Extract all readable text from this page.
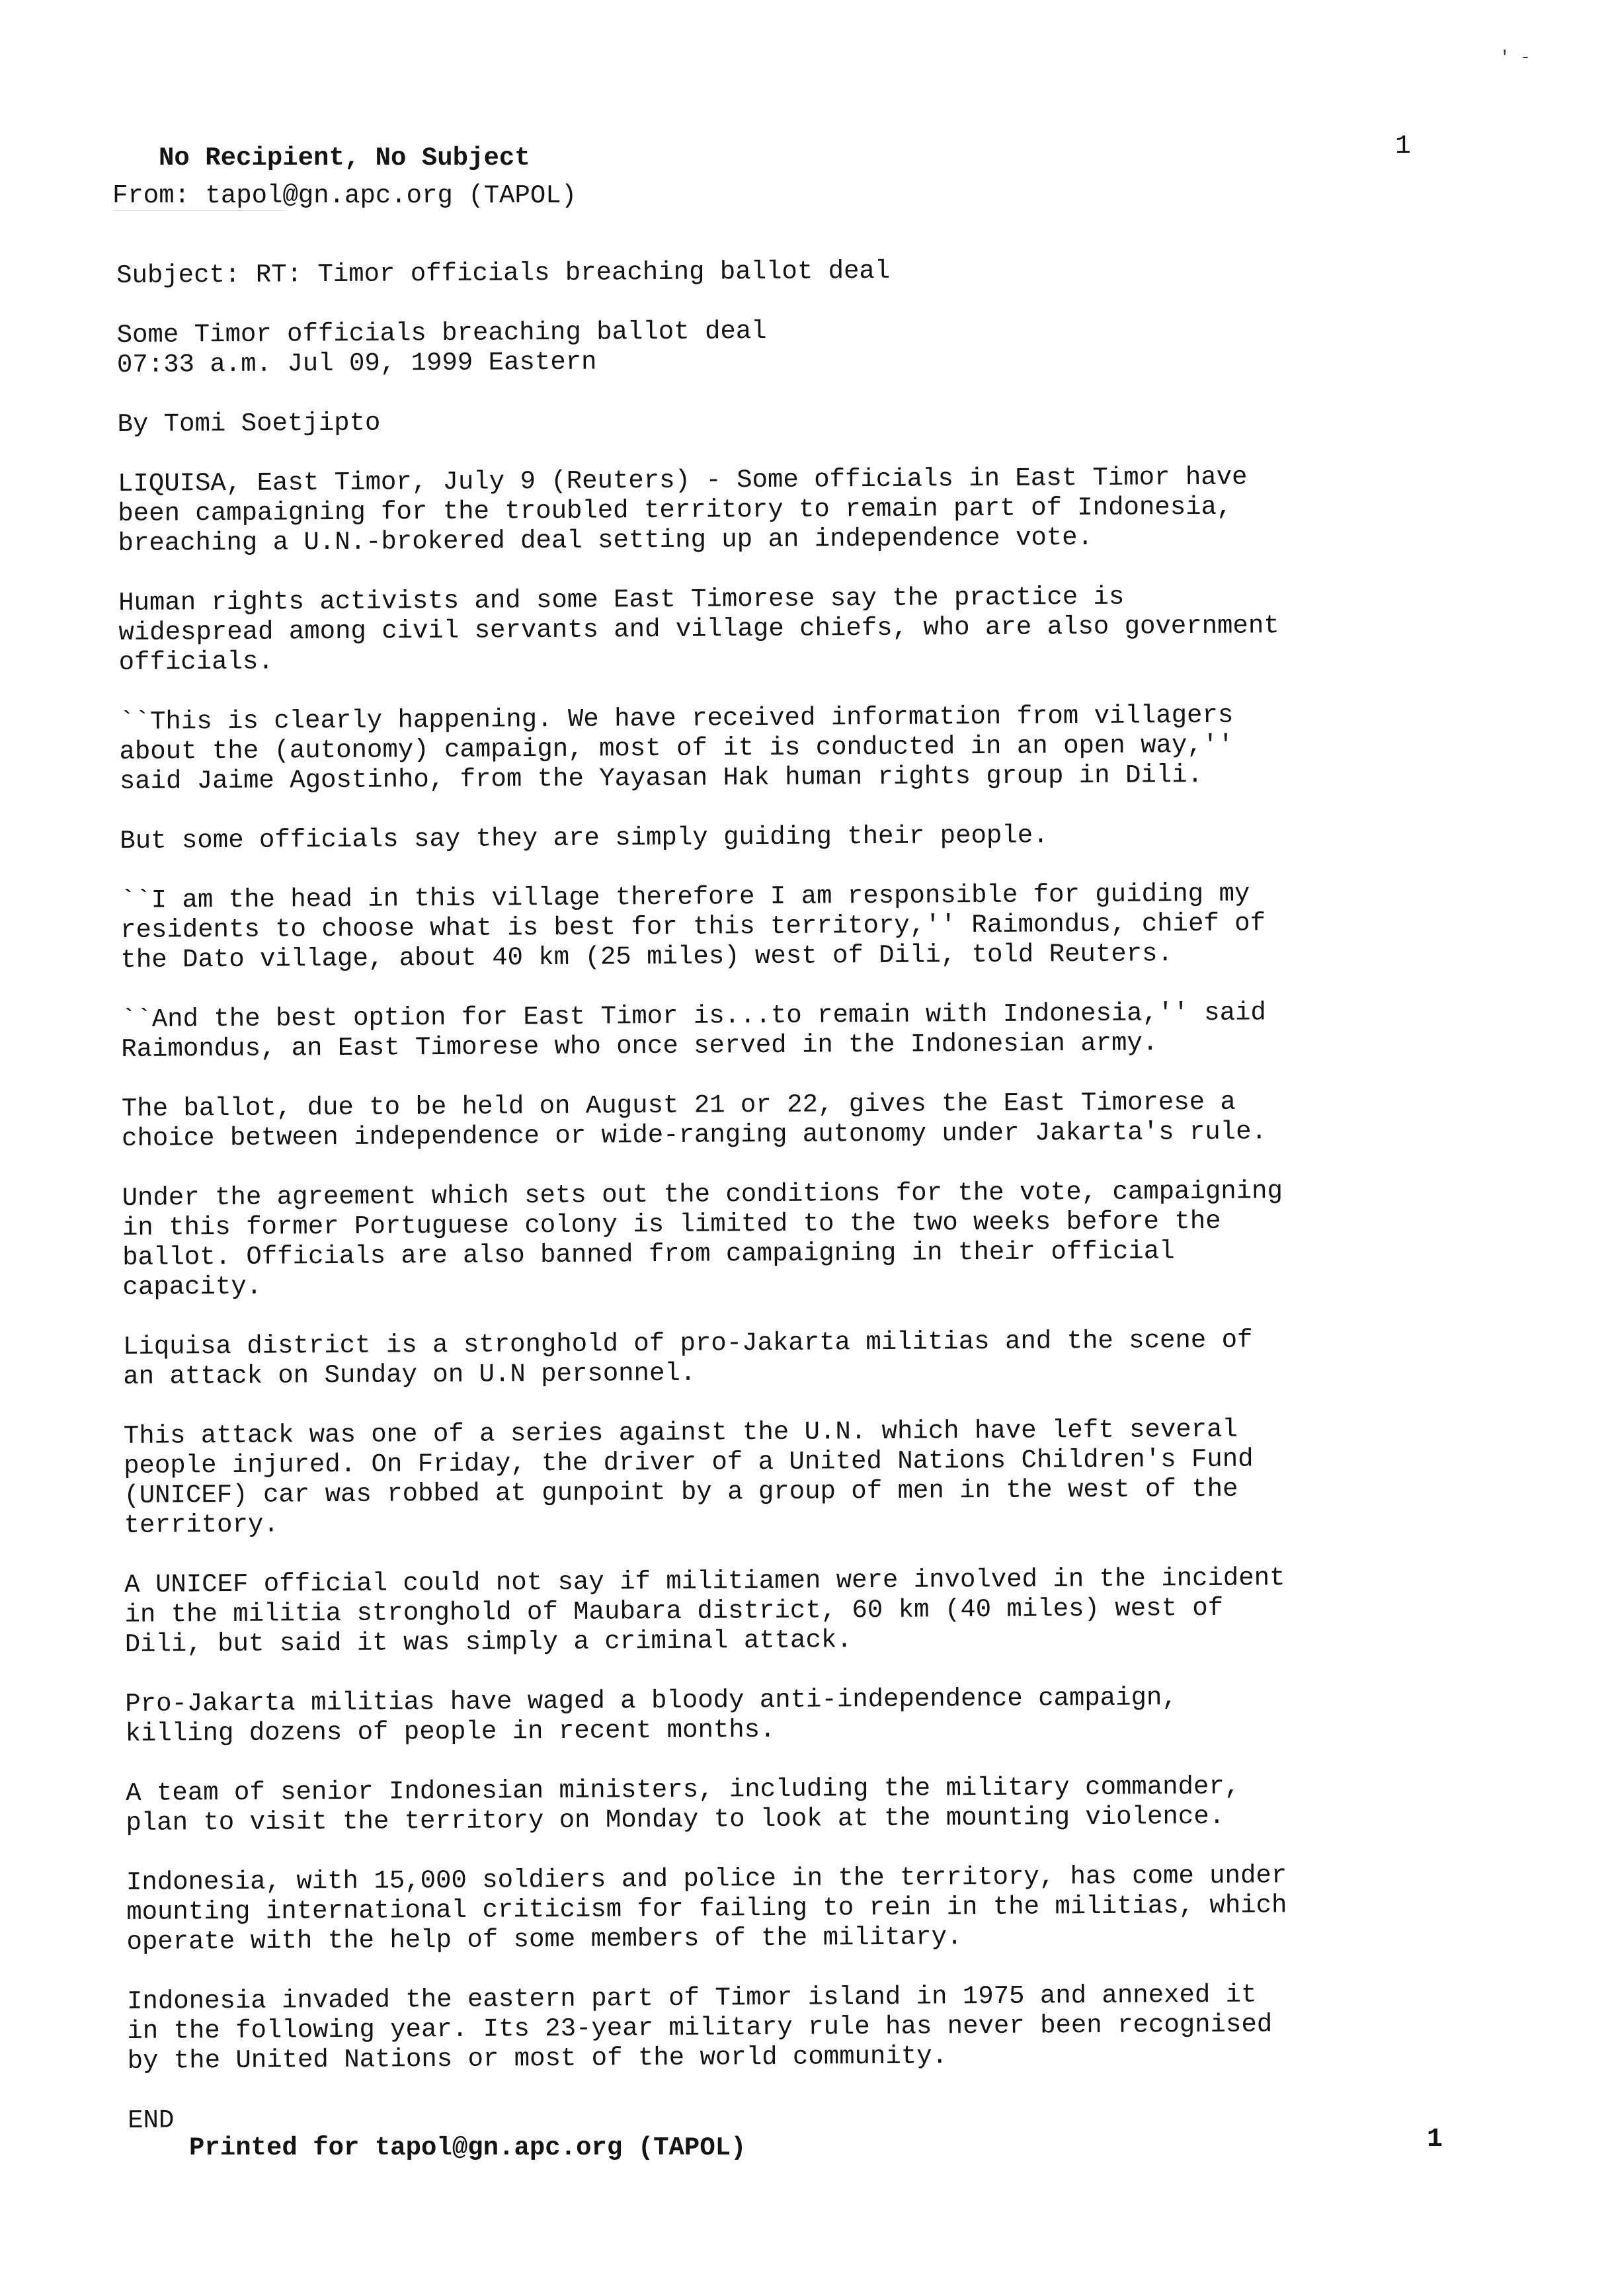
' -
No Recipient, No Subject
From: tapol@gn.apc.org (TAPOL)
1

Subject: RT: Timor officials breaching ballot deal

Some Timor officials breaching ballot deal
07:33 a.m. Jul 09, 1999 Eastern

By Tomi Soetjipto

LIQUISA, East Timor, July 9 (Reuters) - Some officials in East Timor have
been campaigning for the troubled territory to remain part of Indonesia,
breaching a U.N.-brokered deal setting up an independence vote.

Human rights activists and some East Timorese say the practice is
widespread among civil servants and village chiefs, who are also government
officials.

``This is clearly happening. We have received information from villagers
about the (autonomy) campaign, most of it is conducted in an open way,''
said Jaime Agostinho, from the Yayasan Hak human rights group in Dili.

But some officials say they are simply guiding their people.

``I am the head in this village therefore I am responsible for guiding my
residents to choose what is best for this territory,'' Raimondus, chief of
the Dato village, about 40 km (25 miles) west of Dili, told Reuters.

``And the best option for East Timor is...to remain with Indonesia,'' said
Raimondus, an East Timorese who once served in the Indonesian army.

The ballot, due to be held on August 21 or 22, gives the East Timorese a
choice between independence or wide-ranging autonomy under Jakarta's rule.

Under the agreement which sets out the conditions for the vote, campaigning
in this former Portuguese colony is limited to the two weeks before the
ballot. Officials are also banned from campaigning in their official
capacity.

Liquisa district is a stronghold of pro-Jakarta militias and the scene of
an attack on Sunday on U.N personnel.

This attack was one of a series against the U.N. which have left several
people injured. On Friday, the driver of a United Nations Children's Fund
(UNICEF) car was robbed at gunpoint by a group of men in the west of the
territory.

A UNICEF official could not say if militiamen were involved in the incident
in the militia stronghold of Maubara district, 60 km (40 miles) west of
Dili, but said it was simply a criminal attack.

Pro-Jakarta militias have waged a bloody anti-independence campaign,
killing dozens of people in recent months.

A team of senior Indonesian ministers, including the military commander,
plan to visit the territory on Monday to look at the mounting violence.

Indonesia, with 15,000 soldiers and police in the territory, has come under
mounting international criticism for failing to rein in the militias, which
operate with the help of some members of the military.

Indonesia invaded the eastern part of Timor island in 1975 and annexed it
in the following year. Its 23-year military rule has never been recognised
by the United Nations or most of the world community.

END

Printed for tapol@gn.apc.org (TAPOL)	1
